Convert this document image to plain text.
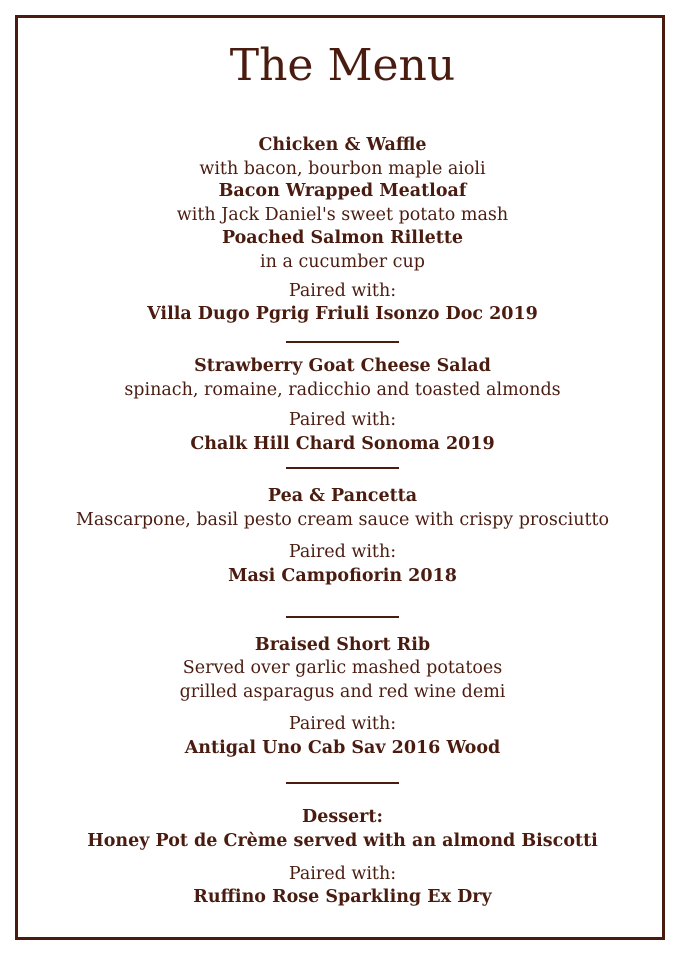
The Menu
Chicken & Waffle
with bacon, bourbon maple aioli
Bacon Wrapped Meatloaf
with Jack Daniel's sweet potato mash
Poached Salmon Rillette
in a cucumber cup
Paired with:
Villa Dugo Pgrig Friuli Isonzo Doc 2019
Strawberry Goat Cheese Salad
spinach, romaine, radicchio and toasted almonds
Paired with:
Chalk Hill Chard Sonoma 2019
Pea & Pancetta
Mascarpone, basil pesto cream sauce with crispy prosciutto
Paired with:
Masi Campofiorin 2018
Braised Short Rib
Served over garlic mashed potatoes
grilled asparagus and red wine demi
Paired with:
Antigal Uno Cab Sav 2016 Wood
Dessert:
Honey Pot de Crème served with an almond Biscotti
Paired with:
Ruffino Rose Sparkling Ex Dry
